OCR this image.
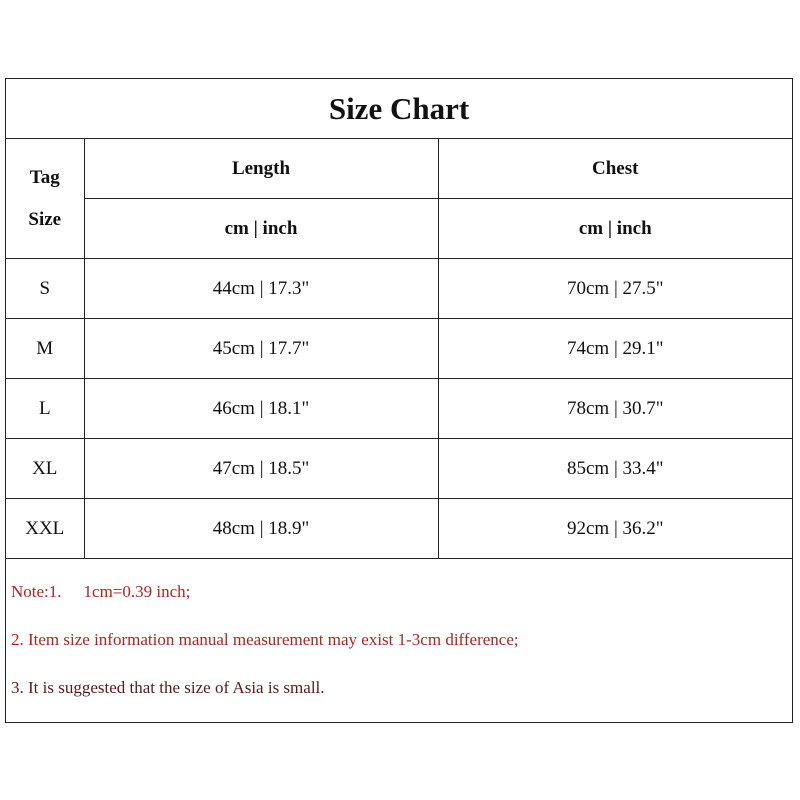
Size Chart		
Tag
Size	Length	Chest
	cm | inch	cm | inch
S	44cm | 17.3"	70cm | 27.5"
M	45cm | 17.7"	74cm | 29.1"
L	46cm | 18.1"	78cm | 30.7"
XL	47cm | 18.5"	85cm | 33.4"
XXL	48cm | 18.9"	92cm | 36.2"
Note:1. 1cm=0.39 inch;
2. Item size information manual measurement may exist 1-3cm difference;
3. It is suggested that the size of Asia is small.
